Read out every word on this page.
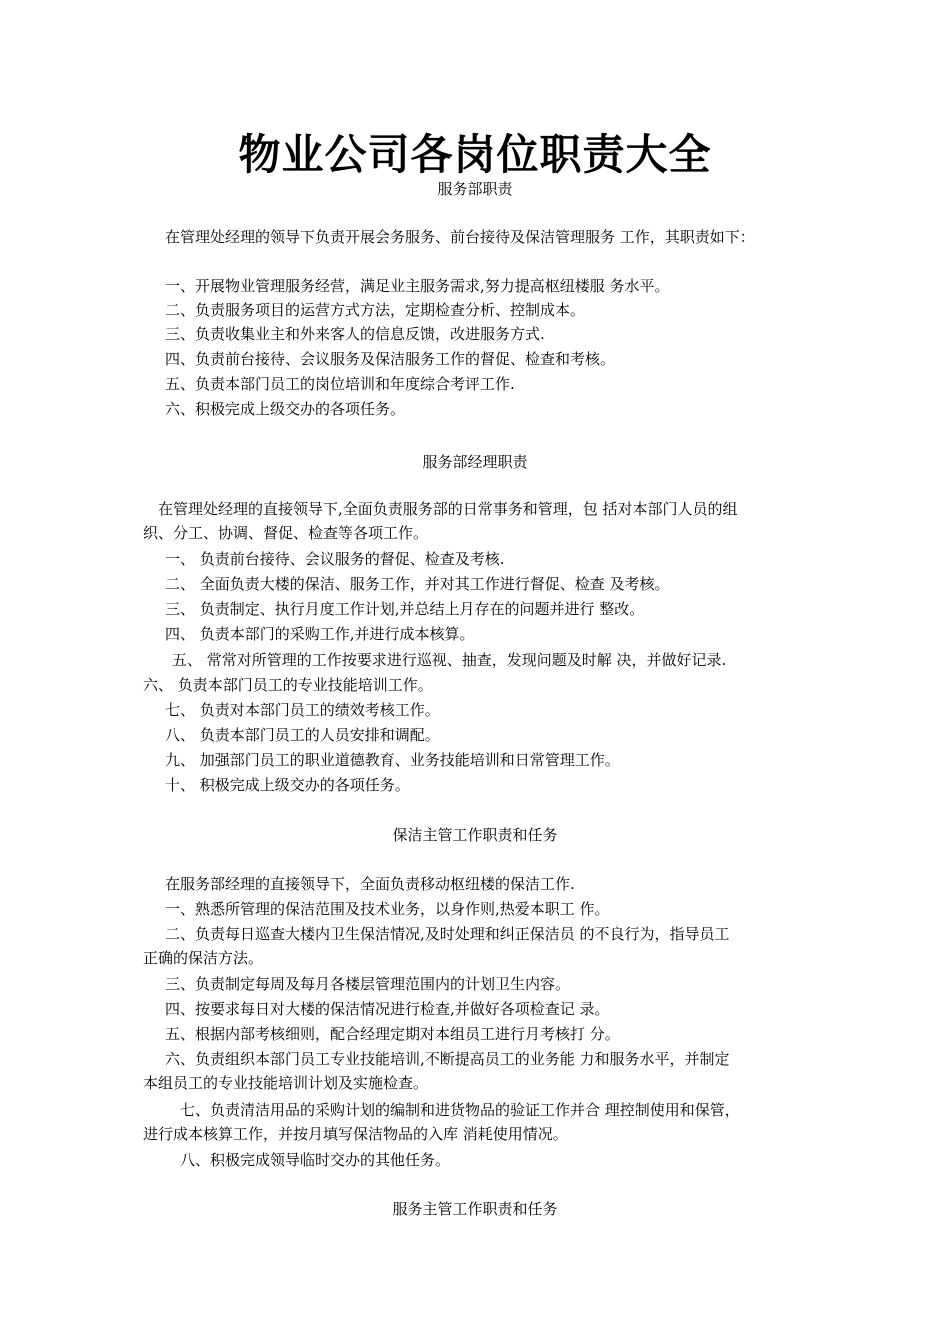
物业公司各岗位职责大全
服务部职责
在管理处经理的领导下负责开展会务服务、前台接待及保洁管理服务 工作，其职责如下：
一、开展物业管理服务经营，满足业主服务需求,努力提高枢纽楼服 务水平。
二、负责服务项目的运营方式方法，定期检查分析、控制成本。
三、负责收集业主和外来客人的信息反馈，改进服务方式.
四、负责前台接待、会议服务及保洁服务工作的督促、检查和考核。
五、负责本部门员工的岗位培训和年度综合考评工作.
六、积极完成上级交办的各项任务。
服务部经理职责
在管理处经理的直接领导下,全面负责服务部的日常事务和管理，包 括对本部门人员的组
织、分工、协调、督促、检查等各项工作。
一、 负责前台接待、会议服务的督促、检查及考核.
二、 全面负责大楼的保洁、服务工作，并对其工作进行督促、检查 及考核。
三、 负责制定、执行月度工作计划,并总结上月存在的问题并进行 整改。
四、 负责本部门的采购工作,并进行成本核算。
五、 常常对所管理的工作按要求进行巡视、抽查，发现问题及时解 决，并做好记录.
六、 负责本部门员工的专业技能培训工作。
七、 负责对本部门员工的绩效考核工作。
八、 负责本部门员工的人员安排和调配。
九、 加强部门员工的职业道德教育、业务技能培训和日常管理工作。
十、 积极完成上级交办的各项任务。
保洁主管工作职责和任务
在服务部经理的直接领导下，全面负责移动枢纽楼的保洁工作.
一、熟悉所管理的保洁范围及技术业务，以身作则,热爱本职工 作。
二、负责每日巡查大楼内卫生保洁情况,及时处理和纠正保洁员 的不良行为，指导员工
正确的保洁方法。
三、负责制定每周及每月各楼层管理范围内的计划卫生内容。
四、按要求每日对大楼的保洁情况进行检查,并做好各项检查记 录。
五、根据内部考核细则，配合经理定期对本组员工进行月考核打 分。
六、负责组织本部门员工专业技能培训,不断提高员工的业务能 力和服务水平，并制定
本组员工的专业技能培训计划及实施检查。
七、负责清洁用品的采购计划的编制和进货物品的验证工作并合 理控制使用和保管，
进行成本核算工作，并按月填写保洁物品的入库 消耗使用情况。
八、积极完成领导临时交办的其他任务。
服务主管工作职责和任务
